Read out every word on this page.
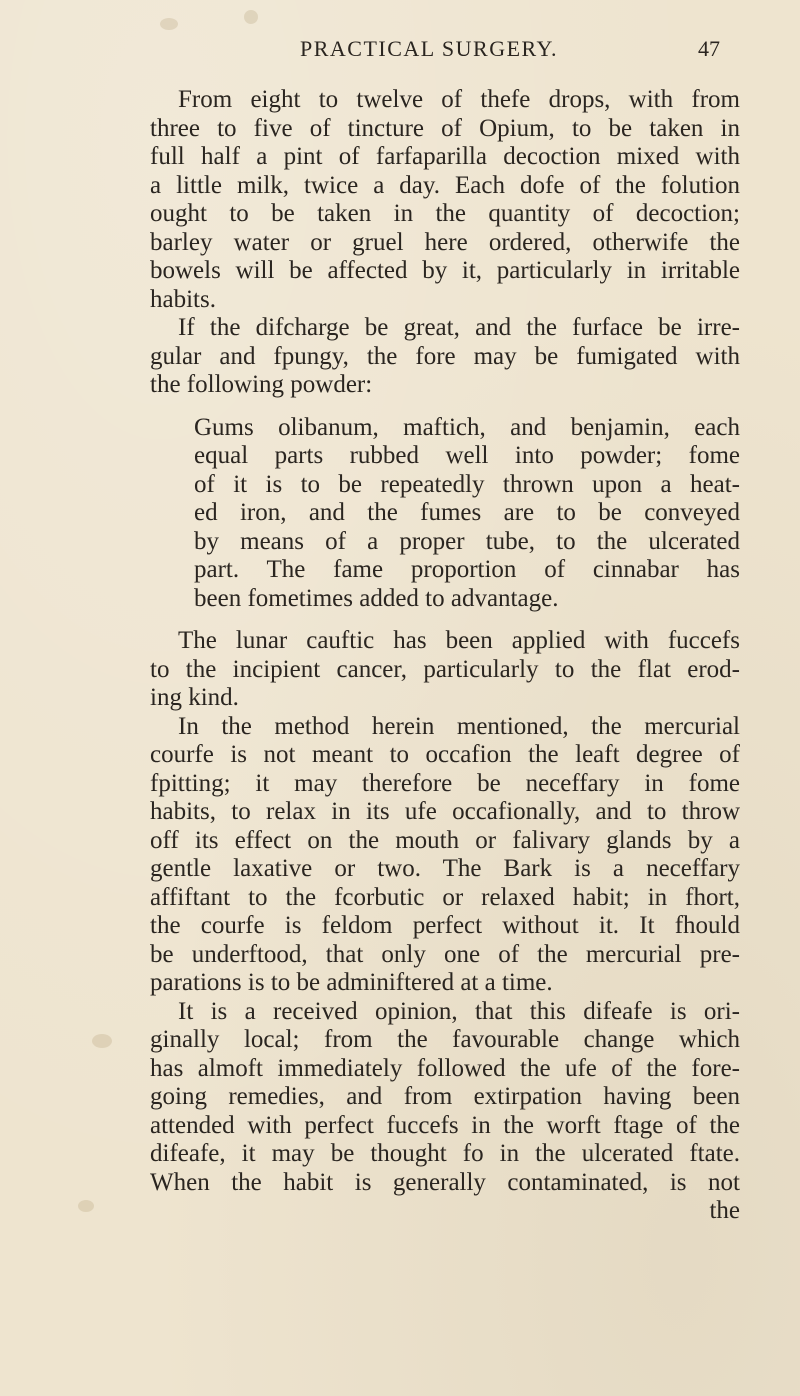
PRACTICAL SURGERY.	47
From eight to twelve of thefe drops, with from
three to five of tincture of Opium, to be taken in
full half a pint of farfaparilla decoction mixed with
a little milk, twice a day. Each dofe of the folution
ought to be taken in the quantity of decoction;
barley water or gruel here ordered, otherwife the
bowels will be affected by it, particularly in irritable
habits.
If the difcharge be great, and the furface be irre-
gular and fpungy, the fore may be fumigated with
the following powder:
Gums olibanum, maftich, and benjamin, each
equal parts rubbed well into powder; fome
of it is to be repeatedly thrown upon a heat-
ed iron, and the fumes are to be conveyed
by means of a proper tube, to the ulcerated
part. The fame proportion of cinnabar has
been fometimes added to advantage.
The lunar cauftic has been applied with fuccefs
to the incipient cancer, particularly to the flat erod-
ing kind.
In the method herein mentioned, the mercurial
courfe is not meant to occafion the leaft degree of
fpitting; it may therefore be neceffary in fome
habits, to relax in its ufe occafionally, and to throw
off its effect on the mouth or falivary glands by a
gentle laxative or two. The Bark is a neceffary
affiftant to the fcorbutic or relaxed habit; in fhort,
the courfe is feldom perfect without it. It fhould
be underftood, that only one of the mercurial pre-
parations is to be adminiftered at a time.
It is a received opinion, that this difeafe is ori-
ginally local; from the favourable change which
has almoft immediately followed the ufe of the fore-
going remedies, and from extirpation having been
attended with perfect fuccefs in the worft ftage of the
difeafe, it may be thought fo in the ulcerated ftate.
When the habit is generally contaminated, is not
the
